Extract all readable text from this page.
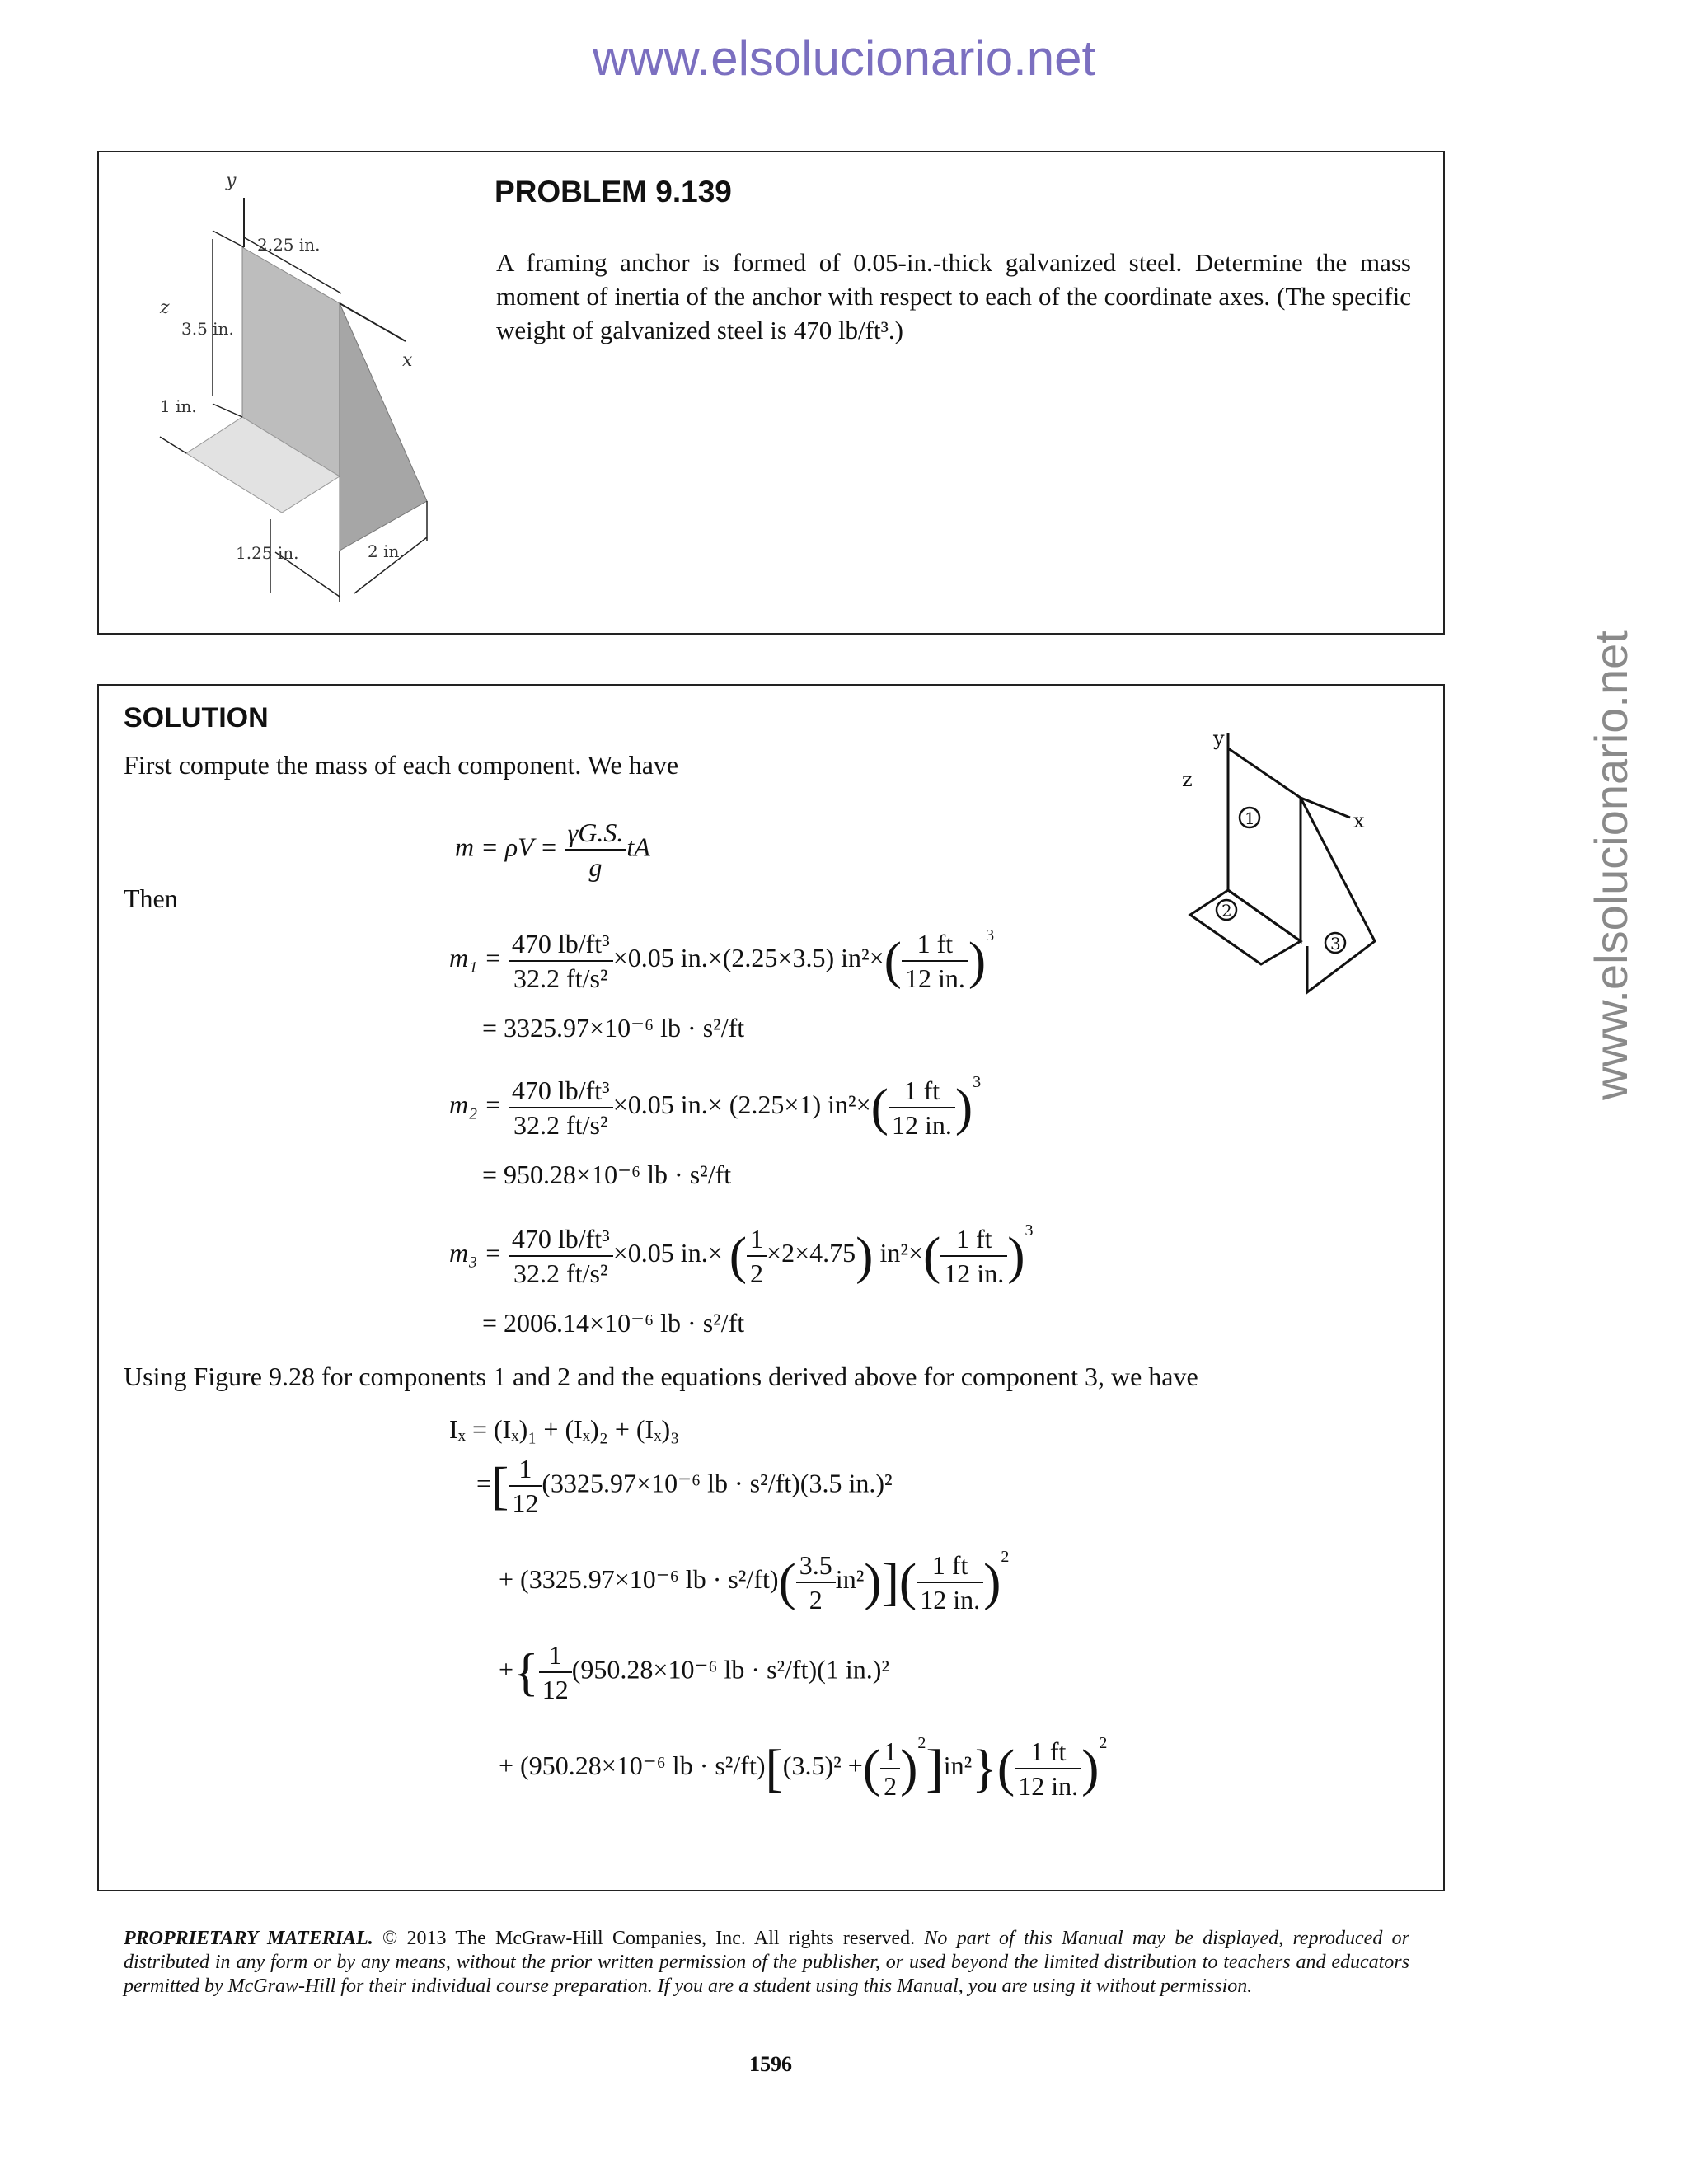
www.elsolucionario.net
www.elsolucionario.net
y
z
x
2.25 in.
3.5 in.
1 in.
1.25 in.	2 in.
PROBLEM 9.139
A framing anchor is formed of 0.05-in.-thick galvanized steel. Determine the mass moment of inertia of the anchor with respect to each of the coordinate axes. (The specific weight of galvanized steel is 470 lb/ft³.)
SOLUTION
First compute the mass of each component. We have
y
z
x
1
2
3
$m = \rho V = \frac{\gamma G.S.}{g}$ tA
Then
$m_1 = \frac{\text{470 lb/ft³}}{\text{32.2 ft/s²}} \times 0.05$ in.×(2.25×3.5) $in^2\times( \frac{1 ft}{12 in.} )^3$
= 3325.97×10⁻⁶ lb · s²/ft
$m_2 = \frac{\text{470 lb/ft³}}{\text{32.2 ft/s²}} \times 0.05$ in.× (2.25×1) $in^2\times( \frac{1 ft}{12 in.} )^3$
= 950.28×10⁻⁶ lb · s²/ft
$m_3 = \frac{\text{470 lb/ft³}}{\text{32.2 ft/s²}} \times 0.05$ in.× ( $\frac{1}{2} \times 2\times 4.75$) $in^2\times( \frac{1 ft}{12 in.} )^3$
= 2006.14×10⁻⁶ lb · s²/ft
Using Figure 9.28 for components 1 and 2 and the equations derived above for component 3, we have
Iₓ = (Iₓ)₁ + (Iₓ)₂ + (Iₓ)₃
=[ $\frac{1}{12} (3325.97\times 10^{-6}$ lb · s²/ft)(3.5 in.)²
+ (3325.97×10⁻⁶ lb · $s^2/ft)( \frac{3.5}{2} in^2)]( \frac{1 ft}{12 in.} )^2$
+{ $\frac{1}{12} (950.28\times 10^{-6}$ lb · s²/ft)(1 in.)²
+ (950.28×10⁻⁶ lb · s²/ft)[(3.5)² +( $\frac{1}{2} )^2]in^2\}( \frac{1 ft}{12 in.} )^2$
PROPRIETARY MATERIAL. © 2013 The McGraw-Hill Companies, Inc. All rights reserved. No part of this Manual may be displayed, reproduced or distributed in any form or by any means, without the prior written permission of the publisher, or used beyond the limited distribution to teachers and educators permitted by McGraw-Hill for their individual course preparation. If you are a student using this Manual, you are using it without permission.
1596
